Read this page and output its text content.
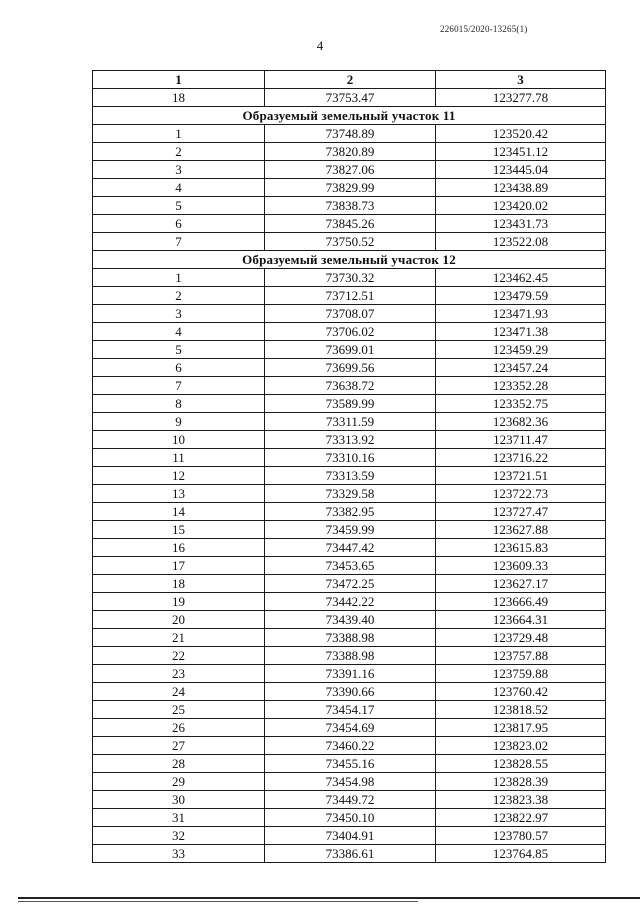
226015/2020-13265(1)
4
1	2	3
18	73753.47	123277.78
Образуемый земельный участок 11		
1	73748.89	123520.42
2	73820.89	123451.12
3	73827.06	123445.04
4	73829.99	123438.89
5	73838.73	123420.02
6	73845.26	123431.73
7	73750.52	123522.08
Образуемый земельный участок 12		
1	73730.32	123462.45
2	73712.51	123479.59
3	73708.07	123471.93
4	73706.02	123471.38
5	73699.01	123459.29
6	73699.56	123457.24
7	73638.72	123352.28
8	73589.99	123352.75
9	73311.59	123682.36
10	73313.92	123711.47
11	73310.16	123716.22
12	73313.59	123721.51
13	73329.58	123722.73
14	73382.95	123727.47
15	73459.99	123627.88
16	73447.42	123615.83
17	73453.65	123609.33
18	73472.25	123627.17
19	73442.22	123666.49
20	73439.40	123664.31
21	73388.98	123729.48
22	73388.98	123757.88
23	73391.16	123759.88
24	73390.66	123760.42
25	73454.17	123818.52
26	73454.69	123817.95
27	73460.22	123823.02
28	73455.16	123828.55
29	73454.98	123828.39
30	73449.72	123823.38
31	73450.10	123822.97
32	73404.91	123780.57
33	73386.61	123764.85
